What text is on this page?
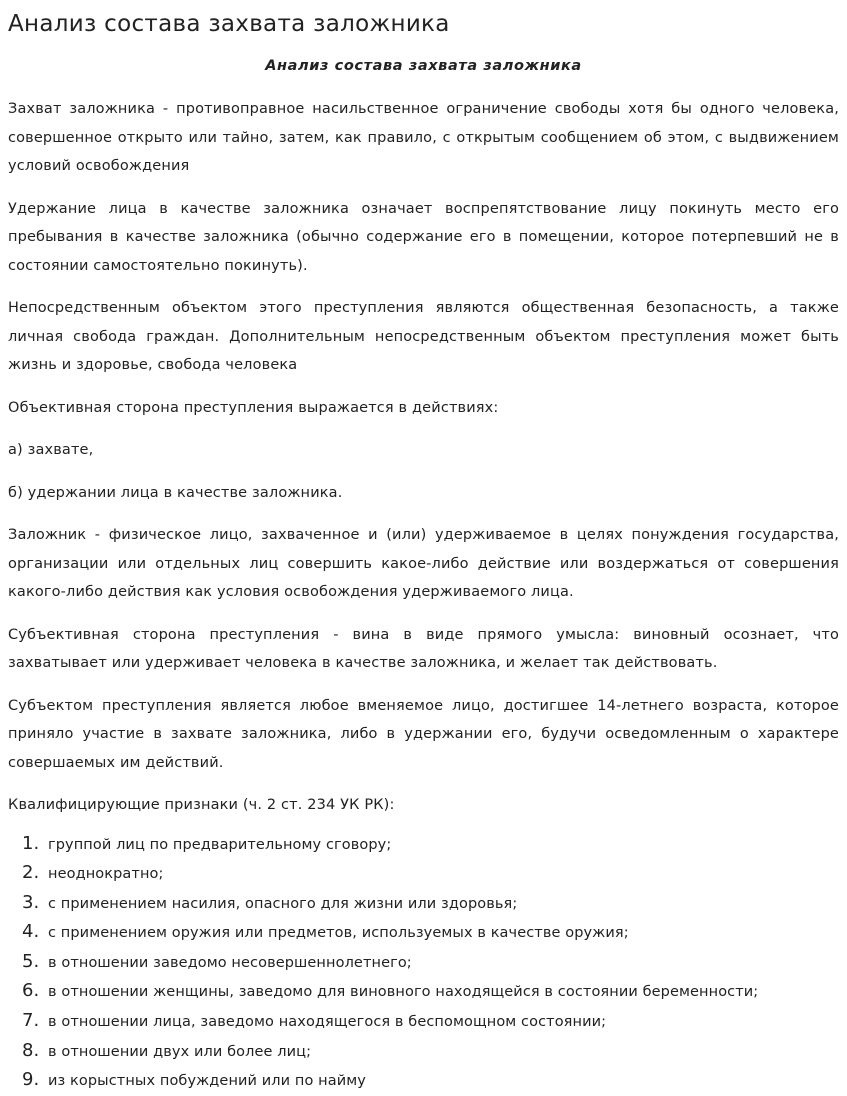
Анализ состава захвата заложника
Анализ состава захвата заложника

Захват заложника - противоправное насильственное ограничение свободы хотя бы одного человека, совершенное открыто или тайно, затем, как правило, с открытым сообщением об этом, с выдвижением условий освобождения

Удержание лица в качестве заложника означает воспрепятствование лицу покинуть место его пребывания в качестве заложника (обычно содержание его в помещении, которое потерпевший не в состоянии самостоятельно покинуть).

Непосредственным объектом этого преступления являются общественная безопасность, а также личная свобода граждан. Дополнительным непосредственным объектом преступления может быть жизнь и здоровье, свобода человека

Объективная сторона преступления выражается в действиях:

а) захвате,

б) удержании лица в качестве заложника.

Заложник - физическое лицо, захваченное и (или) удерживаемое в целях понуждения государства, организации или отдельных лиц совершить какое-либо действие или воздержаться от совершения какого-либо действия как условия освобождения удерживаемого лица.

Субъективная сторона преступления - вина в виде прямого умысла: виновный осознает, что захватывает или удерживает человека в качестве заложника, и желает так действовать.

Субъектом преступления является любое вменяемое лицо, достигшее 14-летнего возраста, которое приняло участие в захвате заложника, либо в удержании его, будучи осведомленным о характере совершаемых им действий.

Квалифицирующие признаки (ч. 2 ст. 234 УК РК):

1. группой лиц по предварительному сговору;
2. неоднократно;
3. с применением насилия, опасного для жизни или здоровья;
4. с применением оружия или предметов, используемых в качестве оружия;
5. в отношении заведомо несовершеннолетнего;
6. в отношении женщины, заведомо для виновного находящейся в состоянии беременности;
7. в отношении лица, заведомо находящегося в беспомощном состоянии;
8. в отношении двух или более лиц;
9. из корыстных побуждений или по найму
